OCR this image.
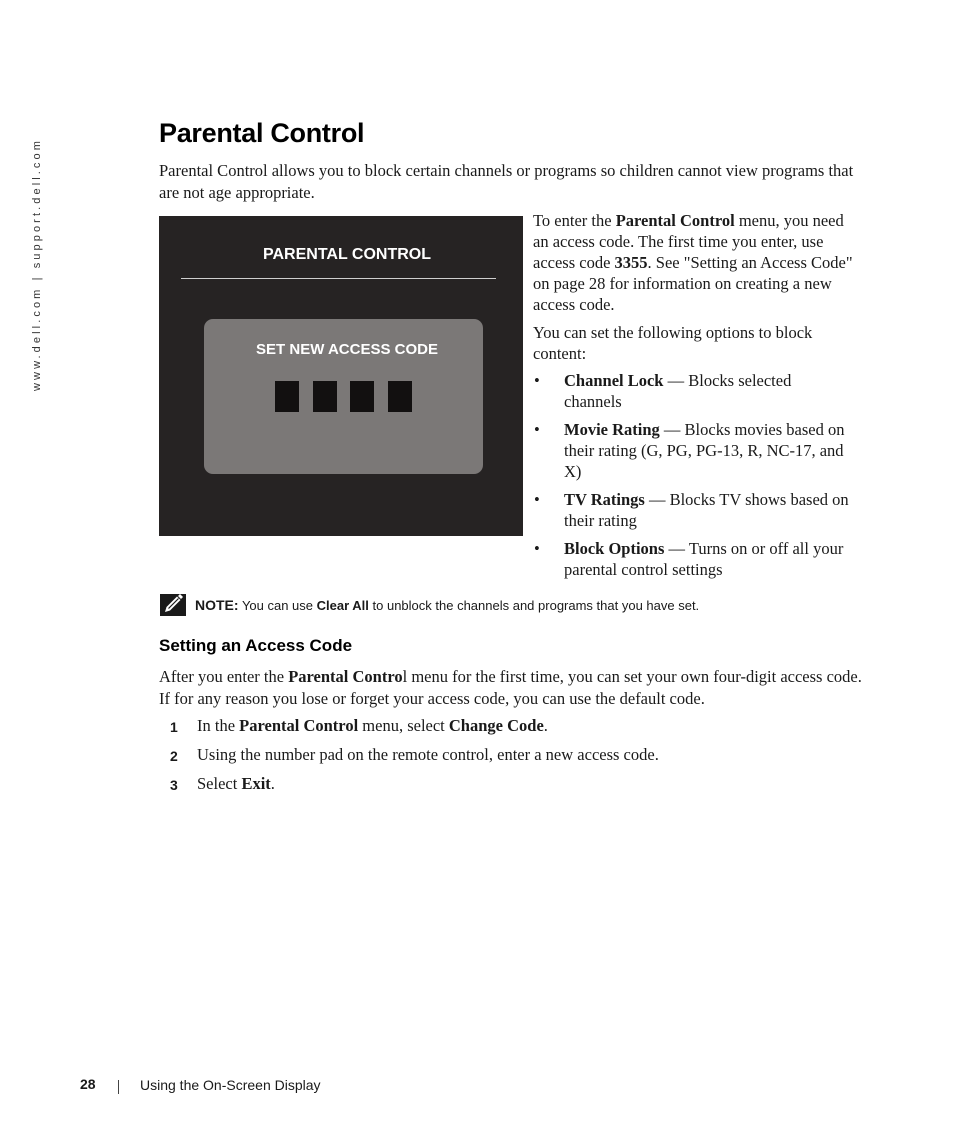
www.dell.com | support.dell.com
Parental Control

Parental Control allows you to block certain channels or programs so children cannot view programs that are not age appropriate.

PARENTAL CONTROL
SET NEW ACCESS CODE

To enter the Parental Control menu, you need an access code. The first time you enter, use access code 3355. See "Setting an Access Code" on page 28 for information on creating a new access code.

You can set the following options to block content:

• Channel Lock — Blocks selected channels
• Movie Rating — Blocks movies based on their rating (G, PG, PG-13, R, NC-17, and X)
• TV Ratings — Blocks TV shows based on their rating
• Block Options — Turns on or off all your parental control settings
NOTE: You can use Clear All to unblock the channels and programs that you have set.
Setting an Access Code

After you enter the Parental Control menu for the first time, you can set your own four-digit access code. If for any reason you lose or forget your access code, you can use the default code.

1 In the Parental Control menu, select Change Code.
2 Using the number pad on the remote control, enter a new access code.
3 Select Exit.
28	Using the On-Screen Display
